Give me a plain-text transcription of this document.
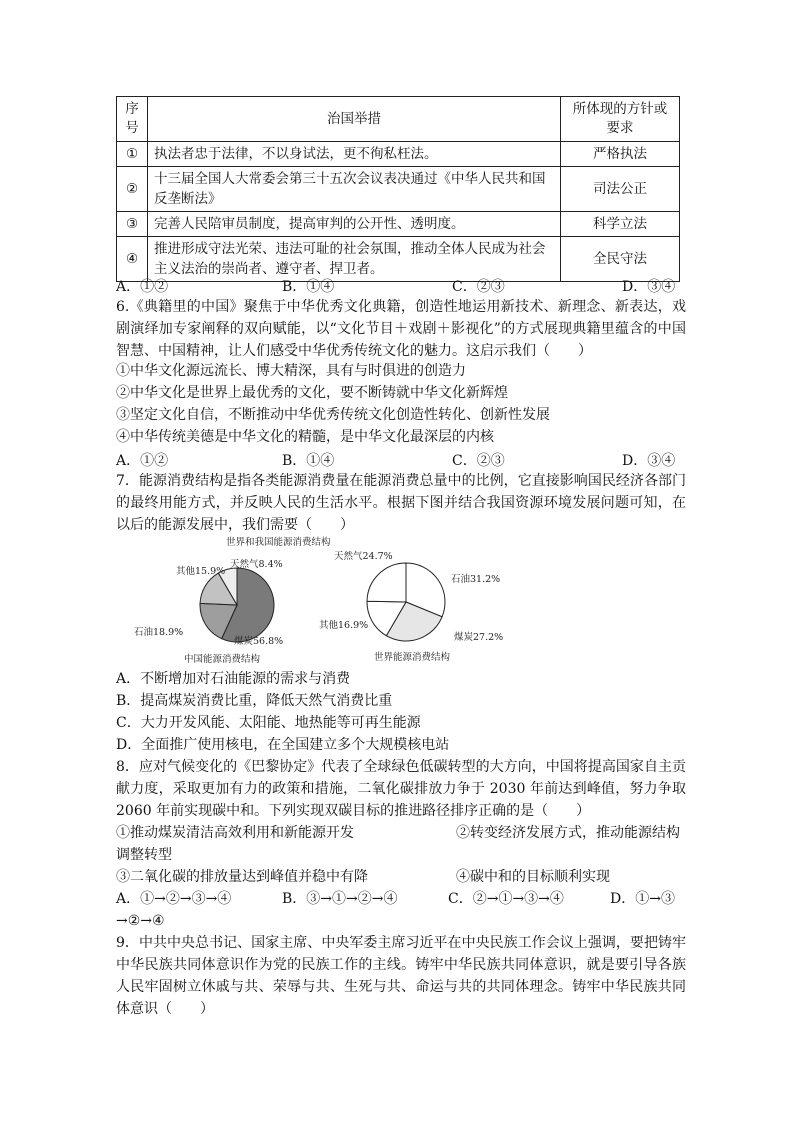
序号	治国举措	所体现的方针或要求
①	执法者忠于法律，不以身试法，更不徇私枉法。	严格执法
②	十三届全国人大常委会第三十五次会议表决通过《中华人民共和国反垄断法》	司法公正
③	完善人民陪审员制度，提高审判的公开性、透明度。	科学立法
④	推进形成守法光荣、违法可耻的社会氛围，推动全体人民成为社会主义法治的崇尚者、遵守者、捍卫者。	全民守法
A．①②	B．①④	C．②③	D．③④
6.《典籍里的中国》聚焦于中华优秀文化典籍，创造性地运用新技术、新理念、新表达，戏剧演绎加专家阐释的双向赋能，以“文化节目＋戏剧＋影视化”的方式展现典籍里蕴含的中国智慧、中国精神，让人们感受中华优秀传统文化的魅力。这启示我们（　　）
①中华文化源远流长、博大精深，具有与时俱进的创造力
②中华文化是世界上最优秀的文化，要不断铸就中华文化新辉煌
③坚定文化自信，不断推动中华优秀传统文化创造性转化、创新性发展
④中华传统美德是中华文化的精髓，是中华文化最深层的内核
A．①②	B．①④	C．②③	D．③④
7．能源消费结构是指各类能源消费量在能源消费总量中的比例，它直接影响国民经济各部门的最终用能方式，并反映人民的生活水平。根据下图并结合我国资源环境发展问题可知，在以后的能源发展中，我们需要（　　）
世界和我国能源消费结构
其他15.9%
天然气8.4%
石油18.9%
煤炭56.8%
中国能源消费结构
天然气24.7%
石油31.2%
其他16.9%
煤炭27.2%
世界能源消费结构
A．不断增加对石油能源的需求与消费
B．提高煤炭消费比重，降低天然气消费比重
C．大力开发风能、太阳能、地热能等可再生能源
D．全面推广使用核电，在全国建立多个大规模核电站
8．应对气候变化的《巴黎协定》代表了全球绿色低碳转型的大方向，中国将提高国家自主贡献力度，采取更加有力的政策和措施，二氧化碳排放力争于 2030 年前达到峰值，努力争取 2060 年前实现碳中和。下列实现双碳目标的推进路径排序正确的是（　　）
①推动煤炭清洁高效利用和新能源开发	②转变经济发展方式，推动能源结构
调整转型
③二氧化碳的排放量达到峰值并稳中有降	④碳中和的目标顺利实现
A．①→②→③→④	B．③→①→②→④	C．②→①→③→④	D．①→③
→②→④
9．中共中央总书记、国家主席、中央军委主席习近平在中央民族工作会议上强调，要把铸牢中华民族共同体意识作为党的民族工作的主线。铸牢中华民族共同体意识，就是要引导各族人民牢固树立休戚与共、荣辱与共、生死与共、命运与共的共同体理念。铸牢中华民族共同体意识（　　）
